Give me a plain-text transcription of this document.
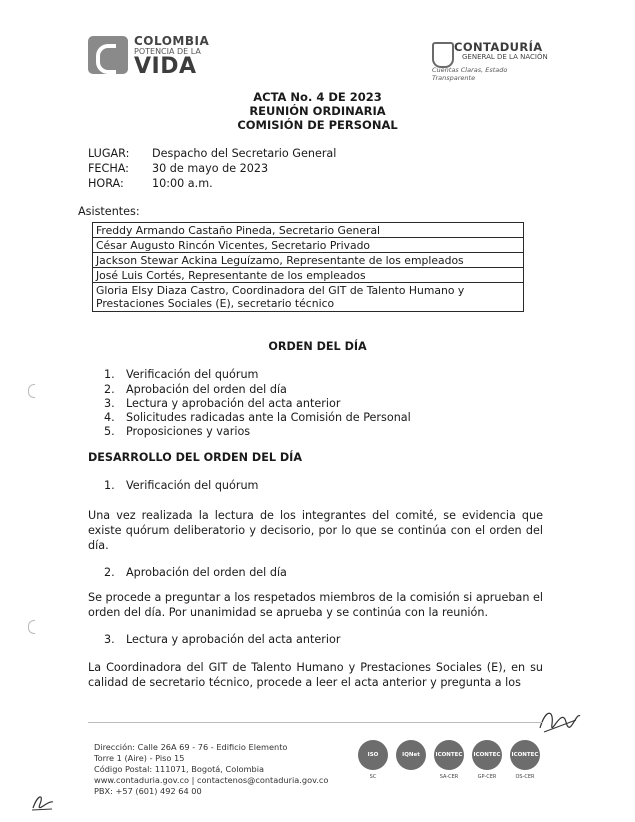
COLOMBIA
POTENCIA DE LA
VIDA
CONTADURÍA
GENERAL DE LA NACIÓN
Cuentas Claras, Estado Transparente
ACTA No. 4 DE 2023
REUNIÓN ORDINARIA
COMISIÓN DE PERSONAL
LUGAR: Despacho del Secretario General
FECHA: 30 de mayo de 2023
HORA:	10:00 a.m.
Asistentes:
Freddy Armando Castaño Pineda, Secretario General
César Augusto Rincón Vicentes, Secretario Privado
Jackson Stewar Ackina Leguízamo, Representante de los empleados
José Luis Cortés, Representante de los empleados
Gloria Elsy Diaza Castro, Coordinadora del GIT de Talento Humano y Prestaciones Sociales (E), secretario técnico
ORDEN DEL DÍA
1. Verificación del quórum
2. Aprobación del orden del día
3. Lectura y aprobación del acta anterior
4. Solicitudes radicadas ante la Comisión de Personal
5. Proposiciones y varios
DESARROLLO DEL ORDEN DEL DÍA
1. Verificación del quórum
Una vez realizada la lectura de los integrantes del comité, se evidencia que existe quórum deliberatorio y decisorio, por lo que se continúa con el orden del día.
2. Aprobación del orden del día
Se procede a preguntar a los respetados miembros de la comisión si aprueban el orden del día. Por unanimidad se aprueba y se continúa con la reunión.
3. Lectura y aprobación del acta anterior
La Coordinadora del GIT de Talento Humano y Prestaciones Sociales (E), en su calidad de secretario técnico, procede a leer el acta anterior y pregunta a los
Dirección: Calle 26A 69 - 76 - Edificio Elemento
Torre 1 (Aire) - Piso 15
Código Postal: 111071, Bogotá, Colombia
www.contaduria.gov.co | contactenos@contaduria.gov.co
PBX: +57 (601) 492 64 00
ISO
SC
IQNet	ICONTEC
SA-CER
ICONTEC
GP-CER
ICONTEC
OS-CER
